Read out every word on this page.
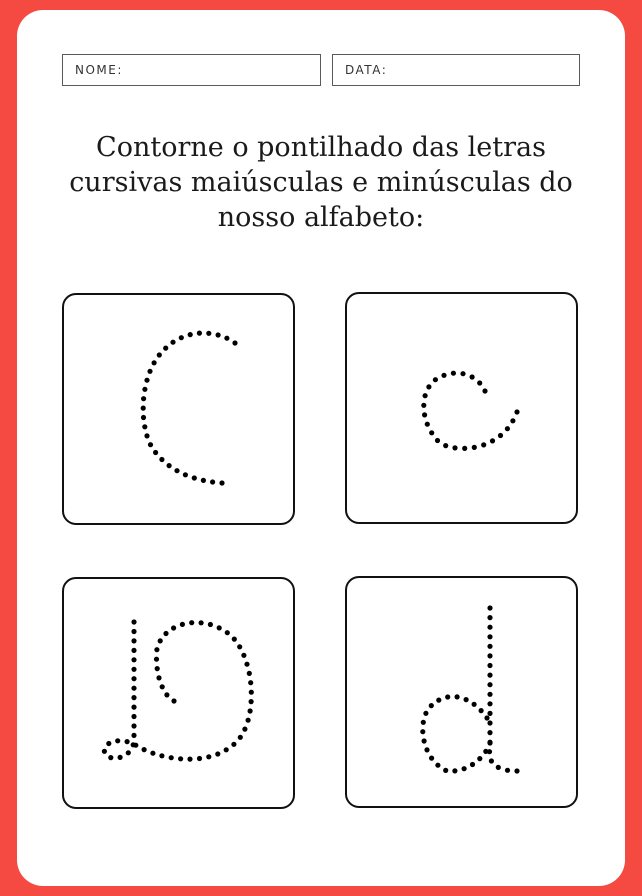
NOME:	DATA:
Contorne o pontilhado das letras cursivas maiúsculas e minúsculas do nosso alfabeto:
